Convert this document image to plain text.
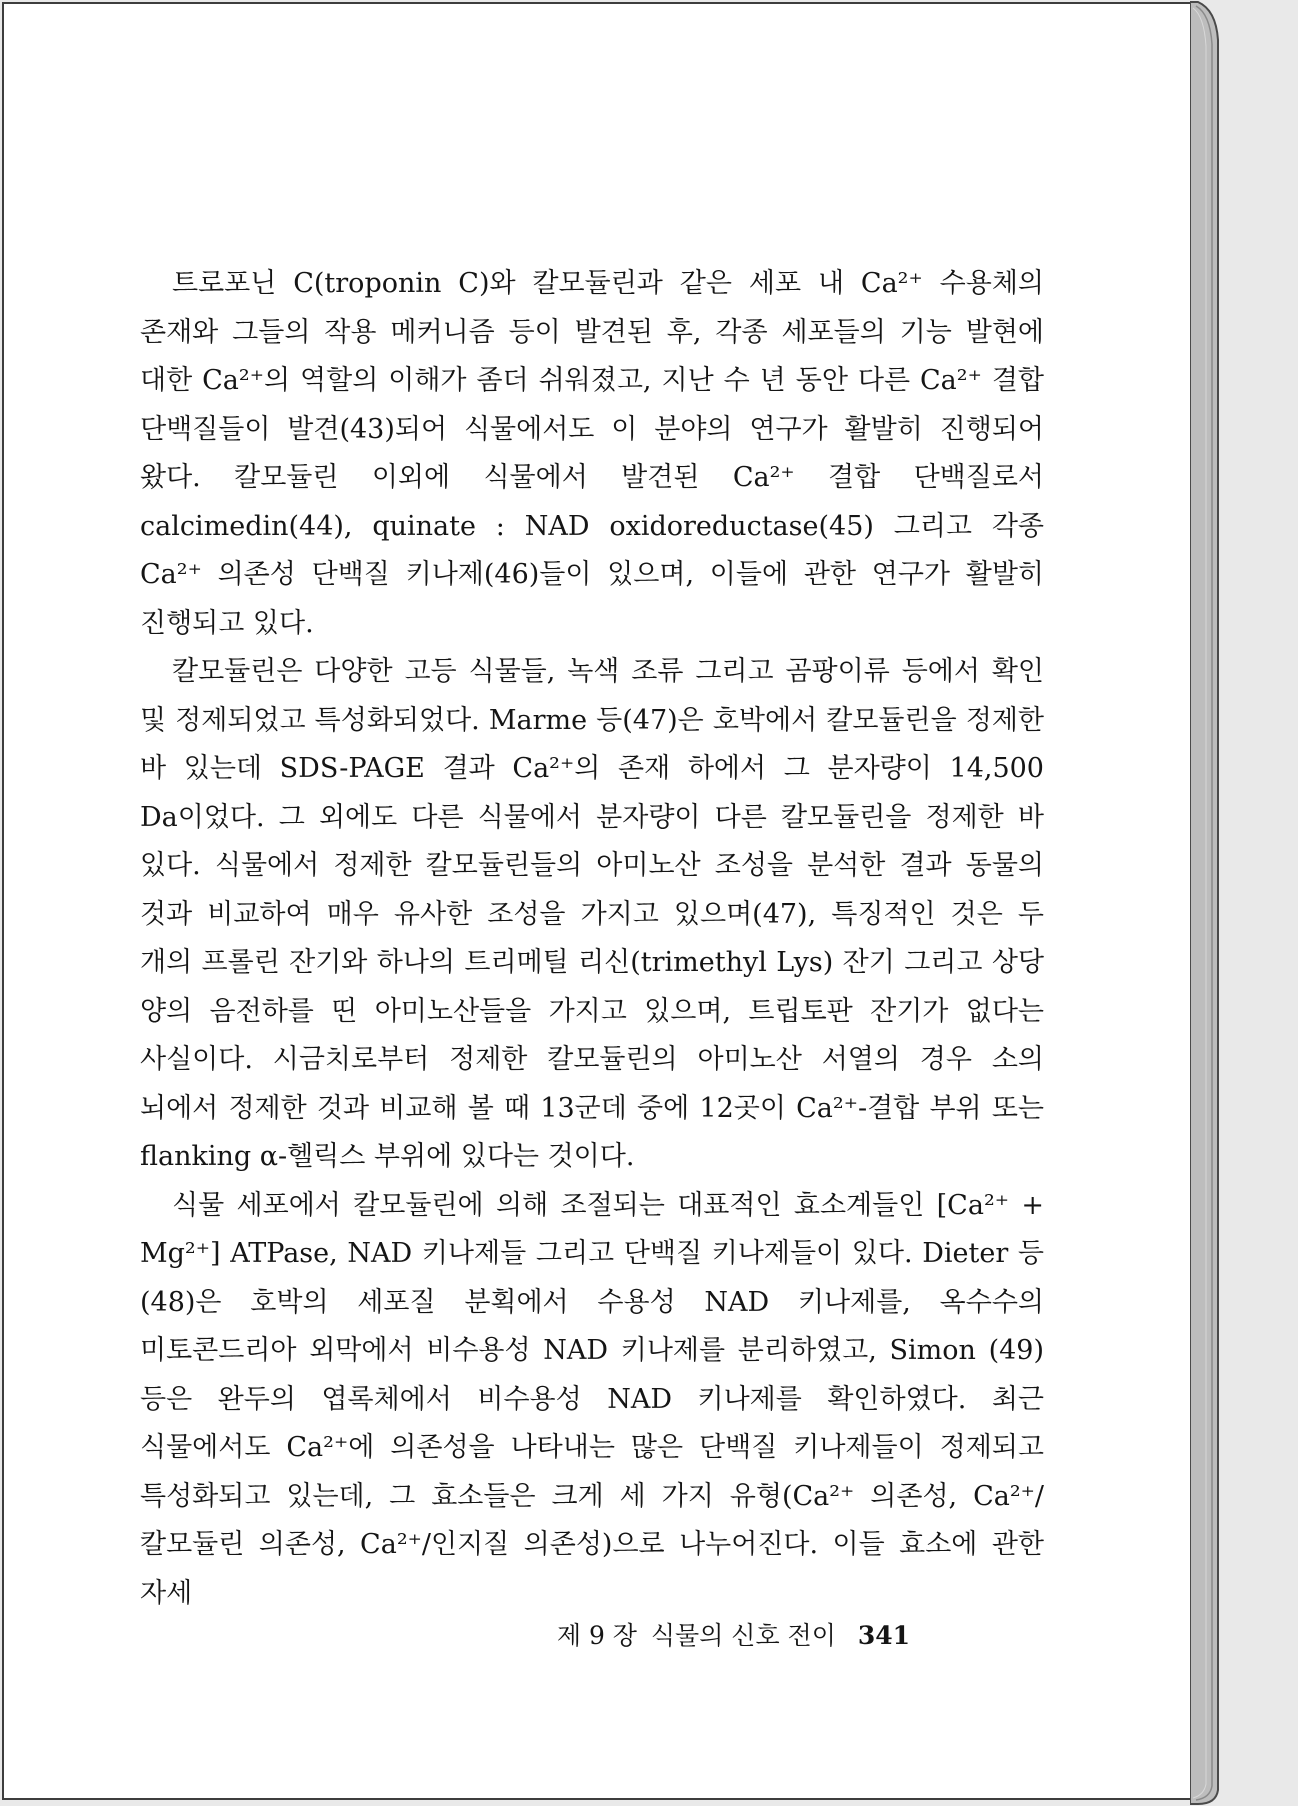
트로포닌 C(troponin C)와 칼모듈린과 같은 세포 내 Ca²⁺ 수용체의 존재와 그들의 작용 메커니즘 등이 발견된 후, 각종 세포들의 기능 발현에 대한 Ca²⁺의 역할의 이해가 좀더 쉬워졌고, 지난 수 년 동안 다른 Ca²⁺ 결합 단백질들이 발견(43)되어 식물에서도 이 분야의 연구가 활발히 진행되어 왔다. 칼모듈린 이외에 식물에서 발견된 Ca²⁺ 결합 단백질로서 calcimedin(44), quinate : NAD oxidoreductase(45) 그리고 각종 Ca²⁺ 의존성 단백질 키나제(46)들이 있으며, 이들에 관한 연구가 활발히 진행되고 있다.

칼모듈린은 다양한 고등 식물들, 녹색 조류 그리고 곰팡이류 등에서 확인 및 정제되었고 특성화되었다. Marme 등(47)은 호박에서 칼모듈린을 정제한 바 있는데 SDS-PAGE 결과 Ca²⁺의 존재 하에서 그 분자량이 14,500 Da이었다. 그 외에도 다른 식물에서 분자량이 다른 칼모듈린을 정제한 바 있다. 식물에서 정제한 칼모듈린들의 아미노산 조성을 분석한 결과 동물의 것과 비교하여 매우 유사한 조성을 가지고 있으며(47), 특징적인 것은 두 개의 프롤린 잔기와 하나의 트리메틸 리신(trimethyl Lys) 잔기 그리고 상당 양의 음전하를 띤 아미노산들을 가지고 있으며, 트립토판 잔기가 없다는 사실이다. 시금치로부터 정제한 칼모듈린의 아미노산 서열의 경우 소의 뇌에서 정제한 것과 비교해 볼 때 13군데 중에 12곳이 Ca²⁺-결합 부위 또는 flanking α-헬릭스 부위에 있다는 것이다.

식물 세포에서 칼모듈린에 의해 조절되는 대표적인 효소계들인 [Ca²⁺ + Mg²⁺] ATPase, NAD 키나제들 그리고 단백질 키나제들이 있다. Dieter 등(48)은 호박의 세포질 분획에서 수용성 NAD 키나제를, 옥수수의 미토콘드리아 외막에서 비수용성 NAD 키나제를 분리하였고, Simon (49) 등은 완두의 엽록체에서 비수용성 NAD 키나제를 확인하였다. 최근 식물에서도 Ca²⁺에 의존성을 나타내는 많은 단백질 키나제들이 정제되고 특성화되고 있는데, 그 효소들은 크게 세 가지 유형(Ca²⁺ 의존성, Ca²⁺/칼모듈린 의존성, Ca²⁺/인지질 의존성)으로 나누어진다. 이들 효소에 관한 자세

제 9 장 식물의 신호 전이 341
